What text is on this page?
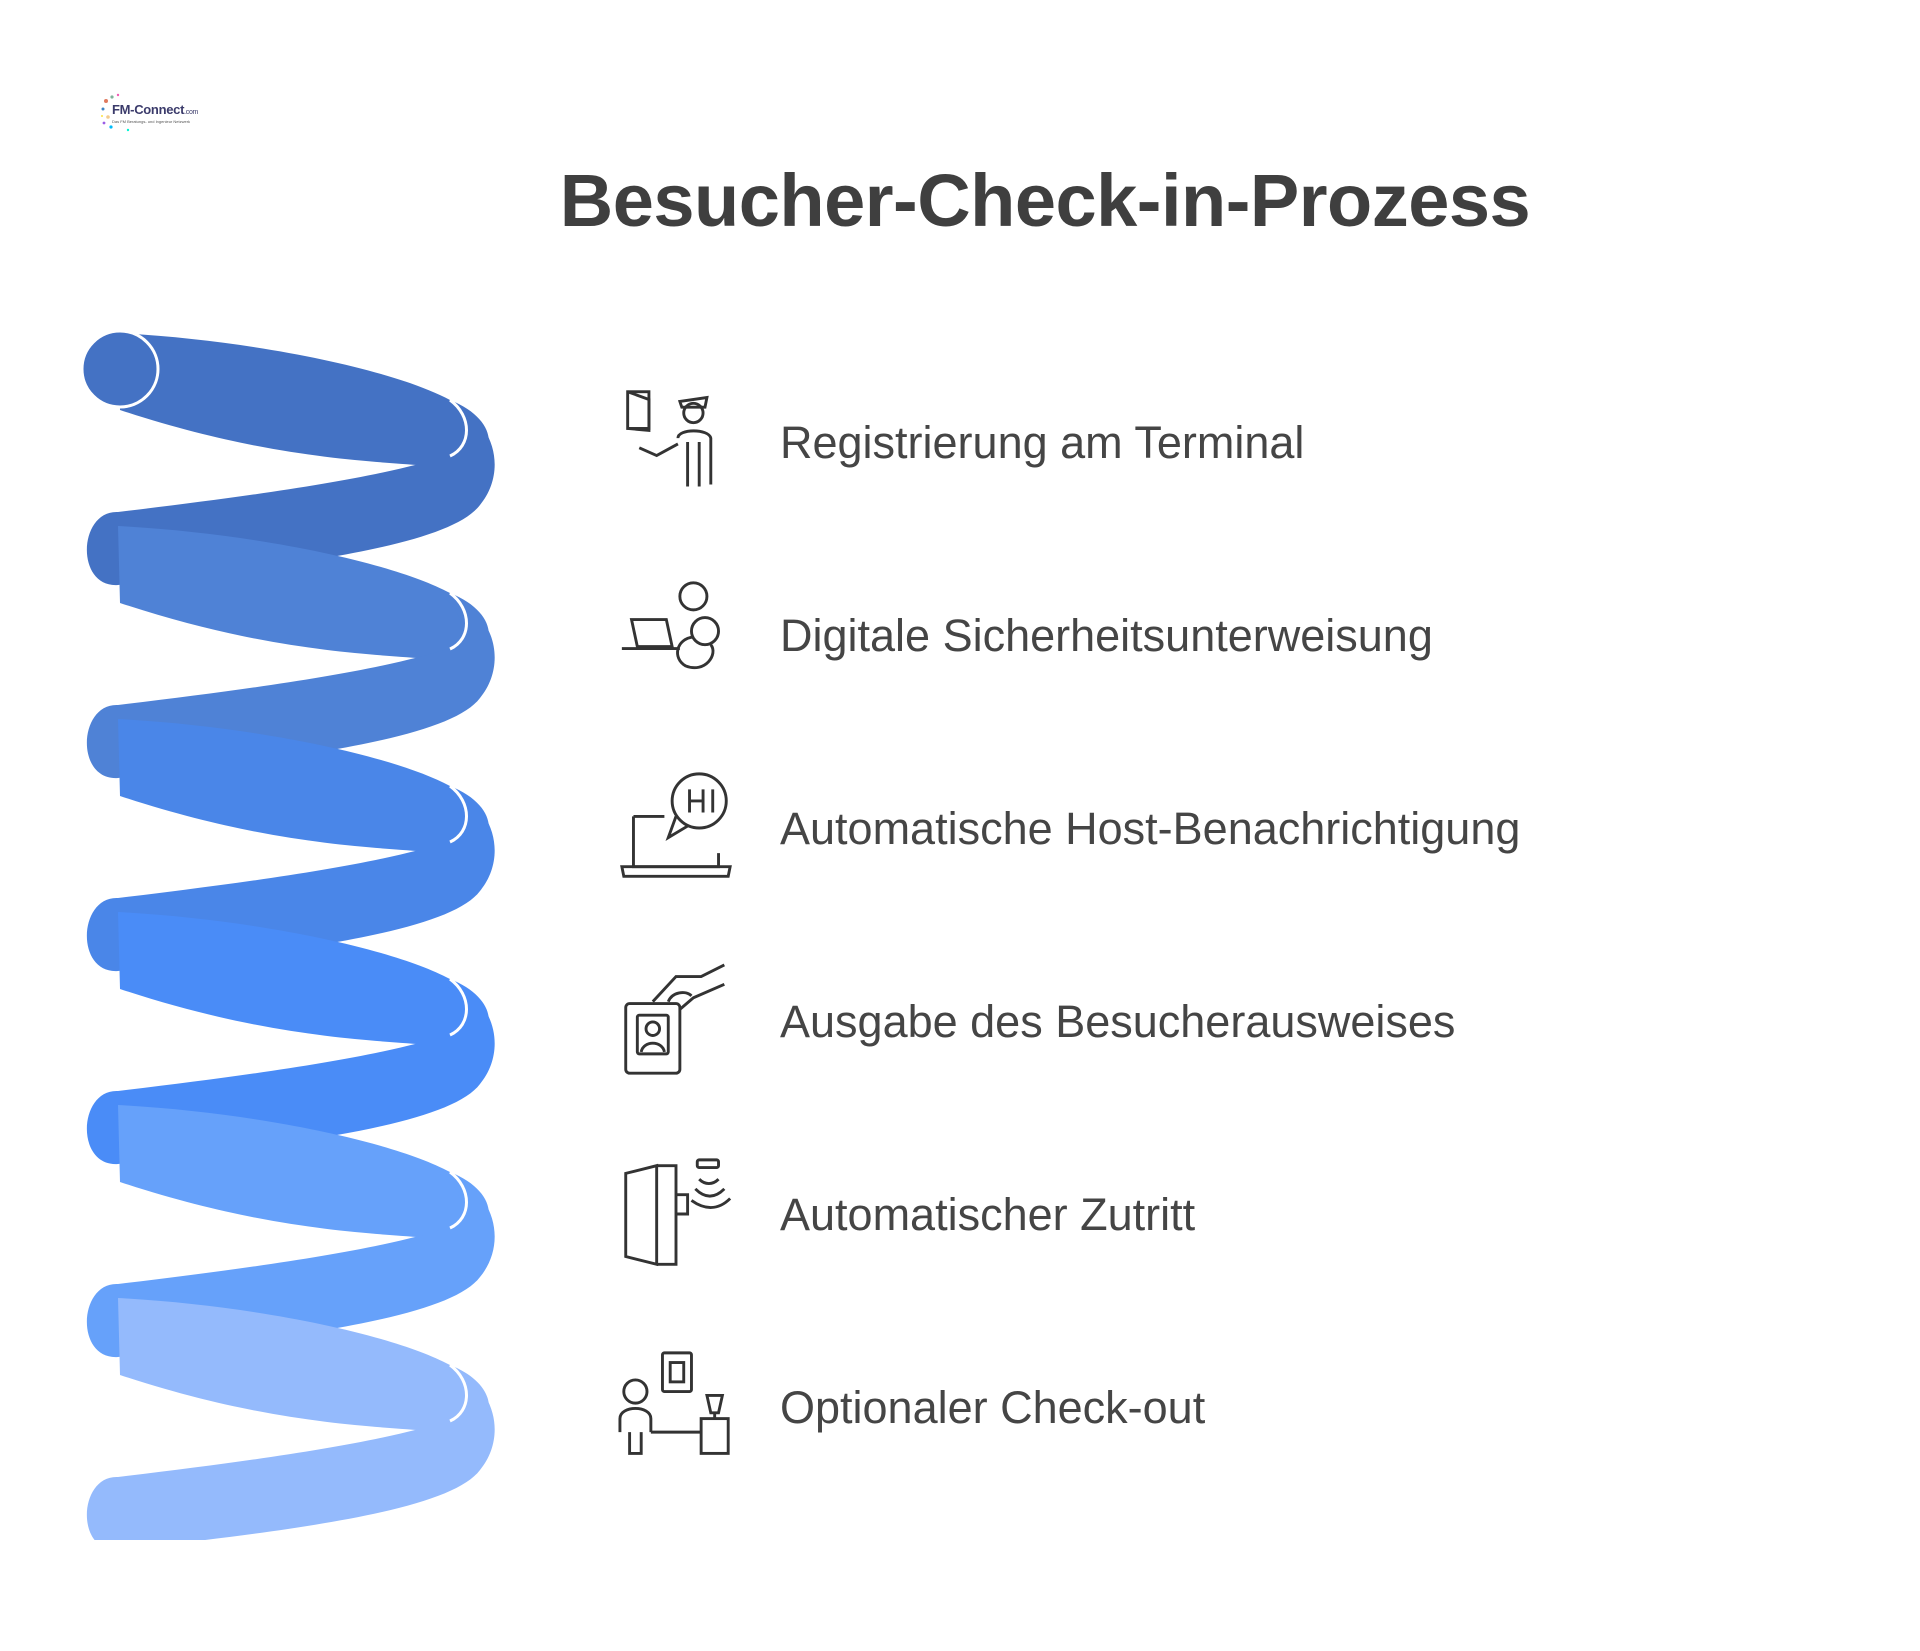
FM-Connect.com
Das FM Beratungs- und Ingenieur Netzwerk
Besucher-Check-in-Prozess
Registrierung am Terminal
Digitale Sicherheitsunterweisung
Automatische Host-Benachrichtigung
Ausgabe des Besucherausweises
Automatischer Zutritt
Optionaler Check-out
